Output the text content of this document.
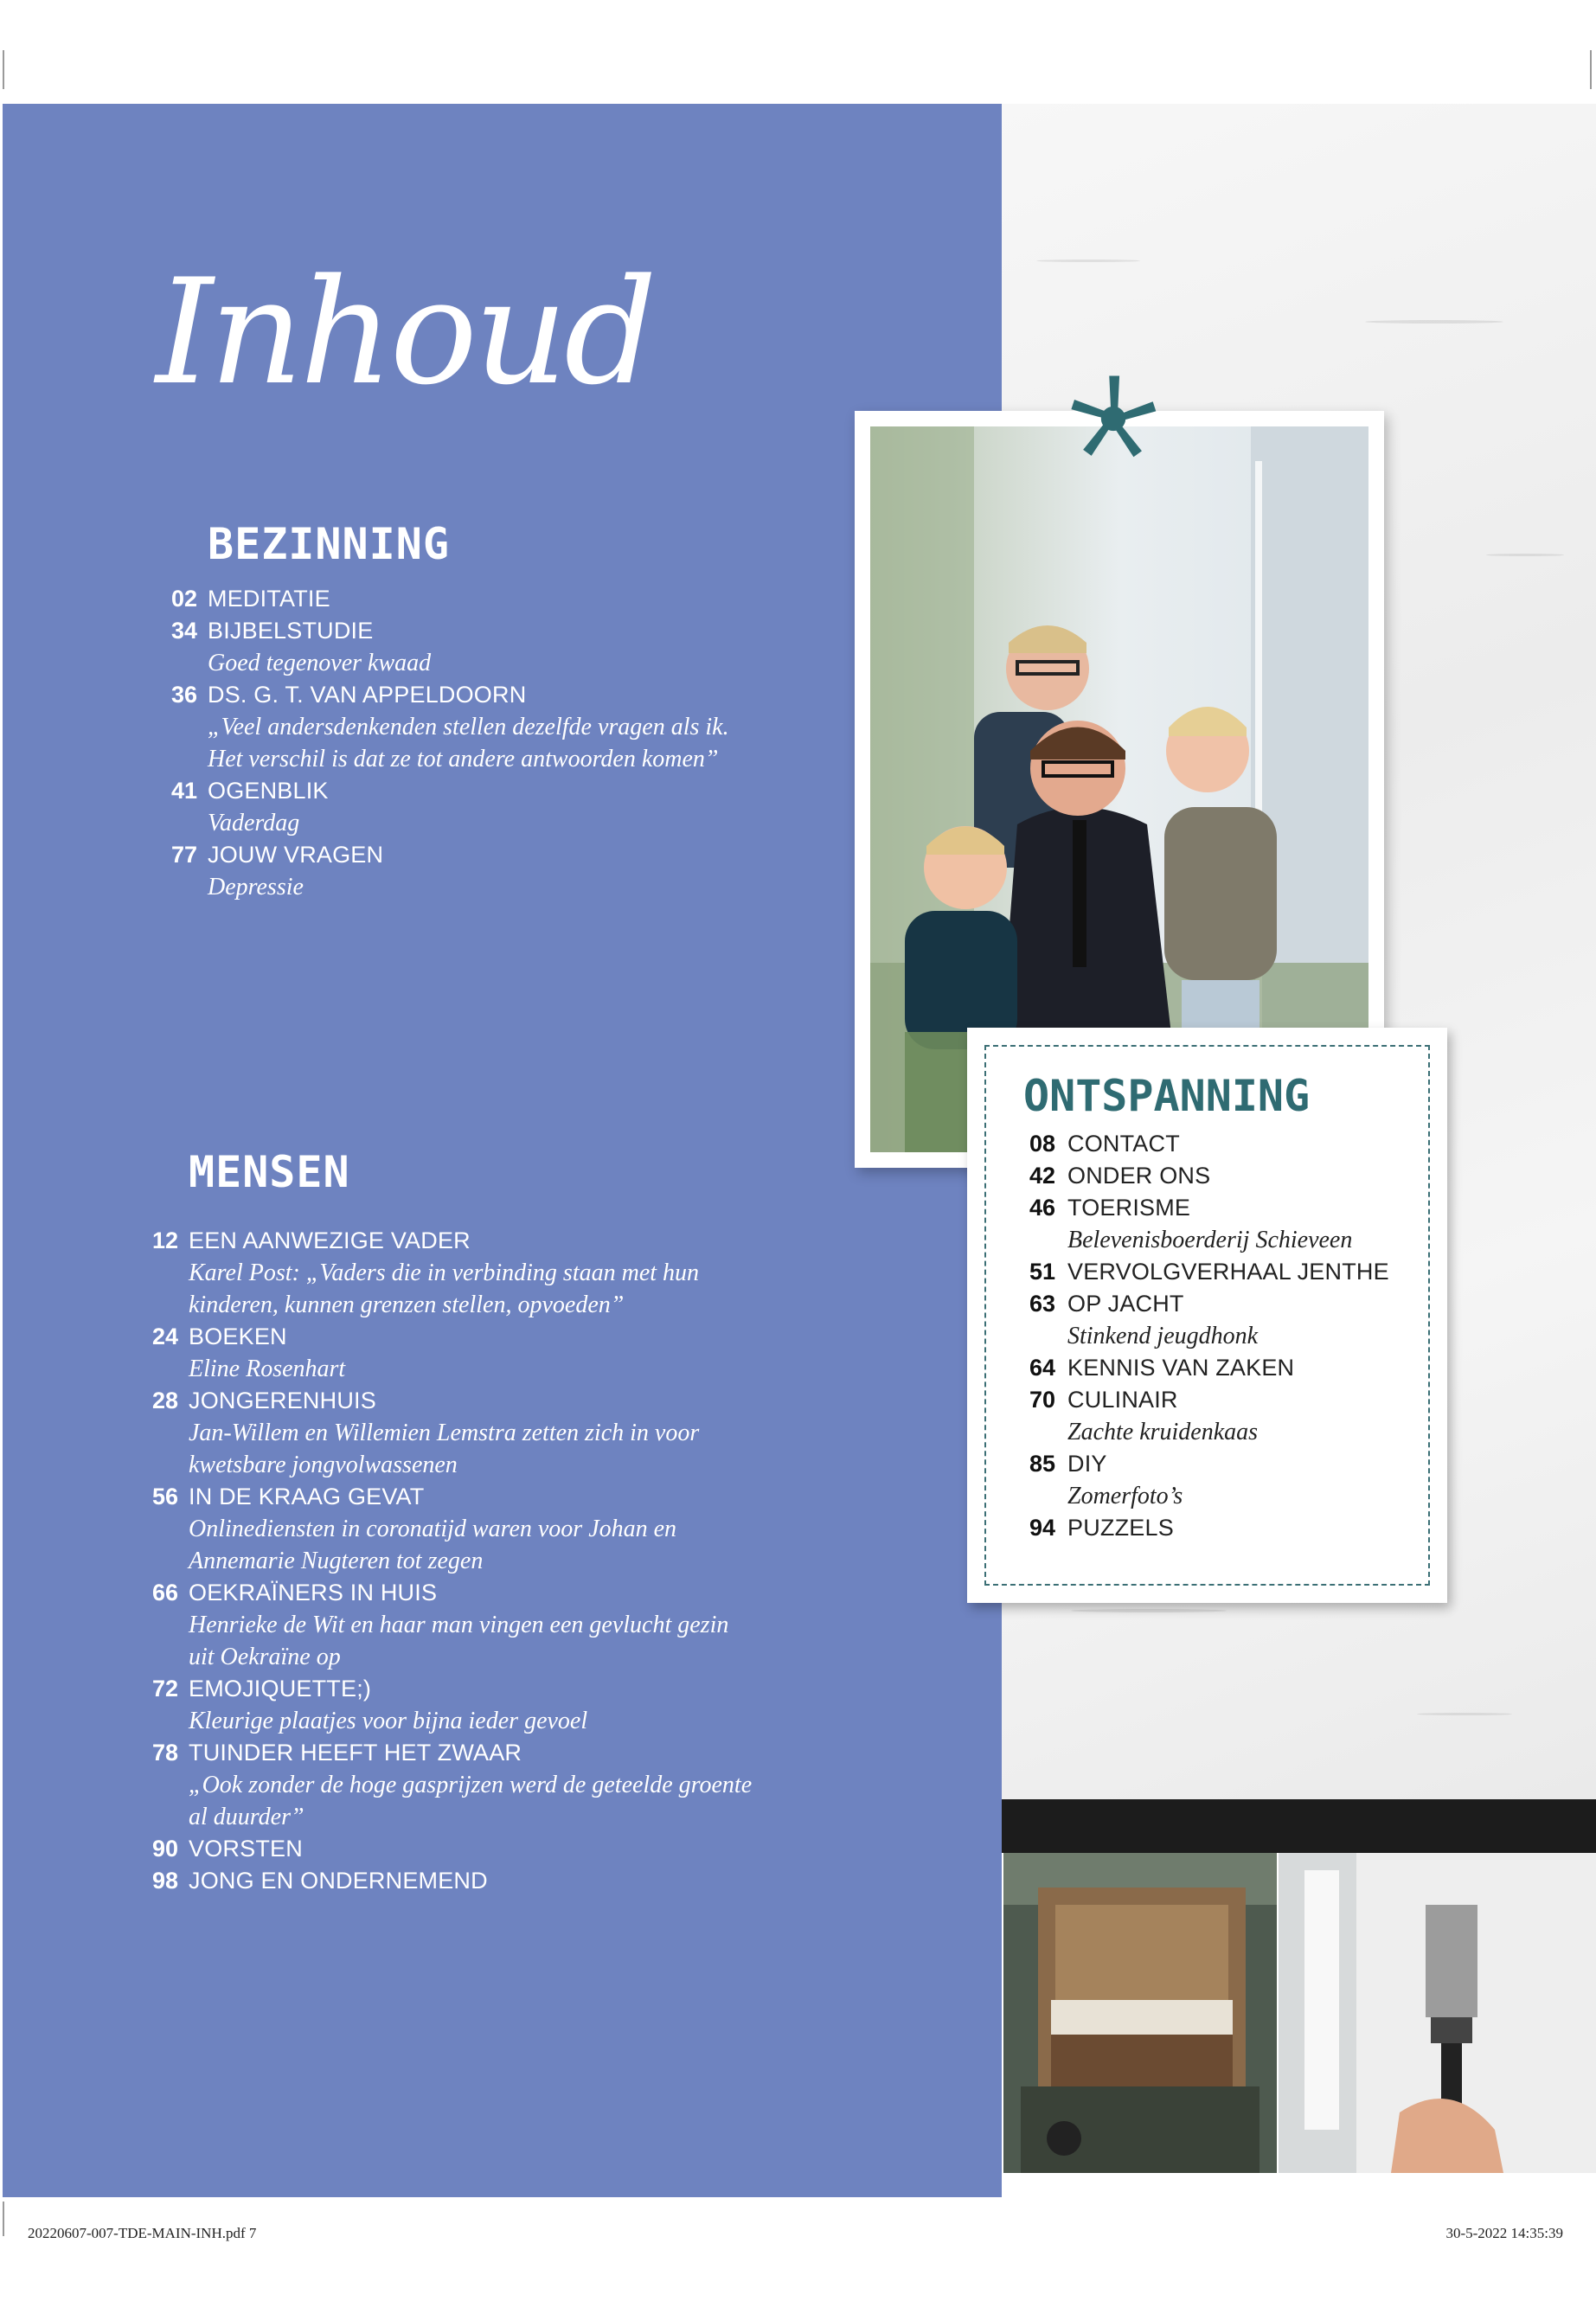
Inhoud
BEZINNING
02 MEDITATIE
34 BIJBELSTUDIE
Goed tegenover kwaad
36 DS. G. T. VAN APPELDOORN
„Veel andersdenkenden stellen dezelfde vragen als ik.
Het verschil is dat ze tot andere antwoorden komen”
41 OGENBLIK
Vaderdag
77 JOUW VRAGEN
Depressie
MENSEN
12 EEN AANWEZIGE VADER
Karel Post: „Vaders die in verbinding staan met hun
kinderen, kunnen grenzen stellen, opvoeden”
24 BOEKEN
Eline Rosenhart
28 JONGERENHUIS
Jan-Willem en Willemien Lemstra zetten zich in voor
kwetsbare jongvolwassenen
56 IN DE KRAAG GEVAT
Onlinediensten in coronatijd waren voor Johan en
Annemarie Nugteren tot zegen
66 OEKRAÏNERS IN HUIS
Henrieke de Wit en haar man vingen een gevlucht gezin
uit Oekraïne op
72 EMOJIQUETTE;)
Kleurige plaatjes voor bijna ieder gevoel
78 TUINDER HEEFT HET ZWAAR
„Ook zonder de hoge gasprijzen werd de geteelde groente
al duurder”
90 VORSTEN
98 JONG EN ONDERNEMEND
ONTSPANNING
08 CONTACT
42 ONDER ONS
46 TOERISME
Belevenisboerderij Schieveen
51 VERVOLGVERHAAL JENTHE
63 OP JACHT
Stinkend jeugdhonk
64 KENNIS VAN ZAKEN
70 CULINAIR
Zachte kruidenkaas
85 DIY
Zomerfoto’s
94 PUZZELS
20220607-007-TDE-MAIN-INH.pdf 7	30-5-2022 14:35:39
